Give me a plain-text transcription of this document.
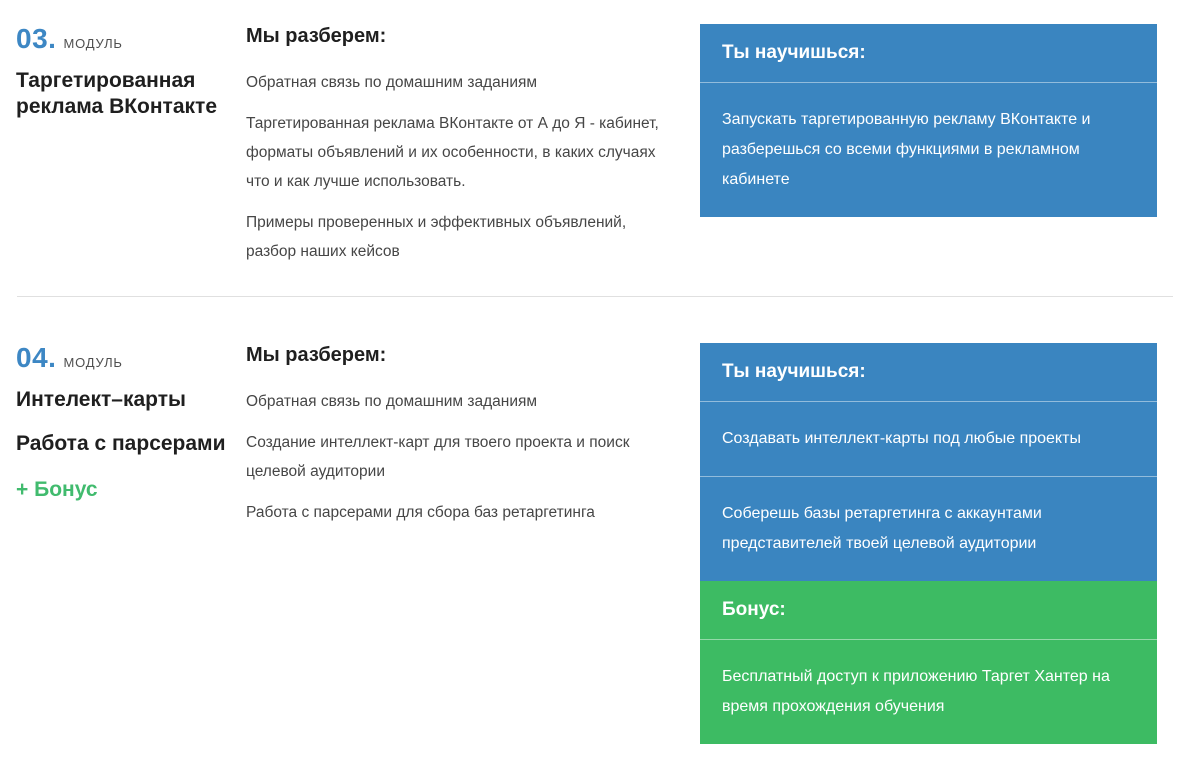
03. МОДУЛЬ
Таргетированная реклама ВКонтакте
Мы разберем:

Обратная связь по домашним заданиям

Таргетированная реклама ВКонтакте от А до Я - кабинет, форматы объявлений и их особенности, в каких случаях что и как лучше использовать.

Примеры проверенных и эффективных объявлений, разбор наших кейсов

Ты научишься:
Запускать таргетированную рекламу ВКонтакте и разберешься со всеми функциями в рекламном кабинете
04. МОДУЛЬ
Интелект–карты
Работа с парсерами
+ Бонус
Мы разберем:

Обратная связь по домашним заданиям

Создание интеллект-карт для твоего проекта и поиск целевой аудитории

Работа с парсерами для сбора баз ретаргетинга

Ты научишься:
Создавать интеллект-карты под любые проекты
Соберешь базы ретаргетинга с аккаунтами представителей твоей целевой аудитории
Бонус:
Бесплатный доступ к приложению Таргет Хантер на время прохождения обучения
